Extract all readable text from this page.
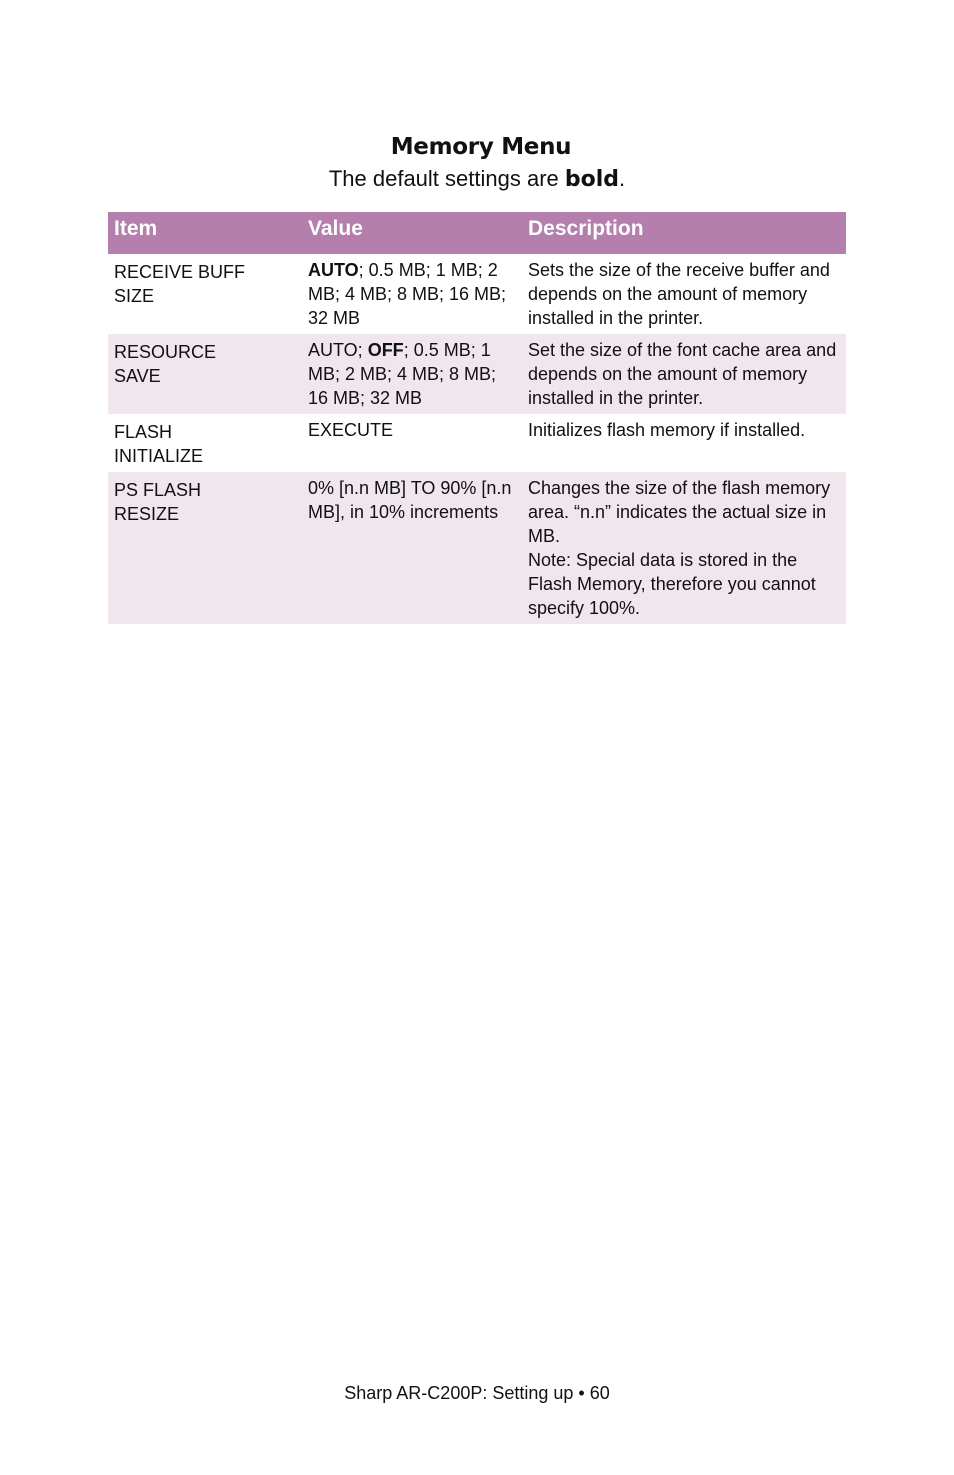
Memory Menu
The default settings are bold.
Item	Value	Description
RECEIVE BUFF
SIZE	AUTO; 0.5 MB; 1 MB; 2 MB; 4 MB; 8 MB; 16 MB; 32 MB	Sets the size of the receive buffer and depends on the amount of memory installed in the printer.
RESOURCE
SAVE	AUTO; OFF; 0.5 MB; 1 MB; 2 MB; 4 MB; 8 MB; 16 MB; 32 MB	Set the size of the font cache area and depends on the amount of memory installed in the printer.
FLASH
INITIALIZE	EXECUTE	Initializes flash memory if installed.
PS FLASH
RESIZE	0% [n.n MB] TO 90% [n.n MB], in 10% increments	Changes the size of the flash memory area. “n.n” indicates the actual size in MB.
Note: Special data is stored in the Flash Memory, therefore you cannot specify 100%.
Sharp AR-C200P: Setting up • 60
